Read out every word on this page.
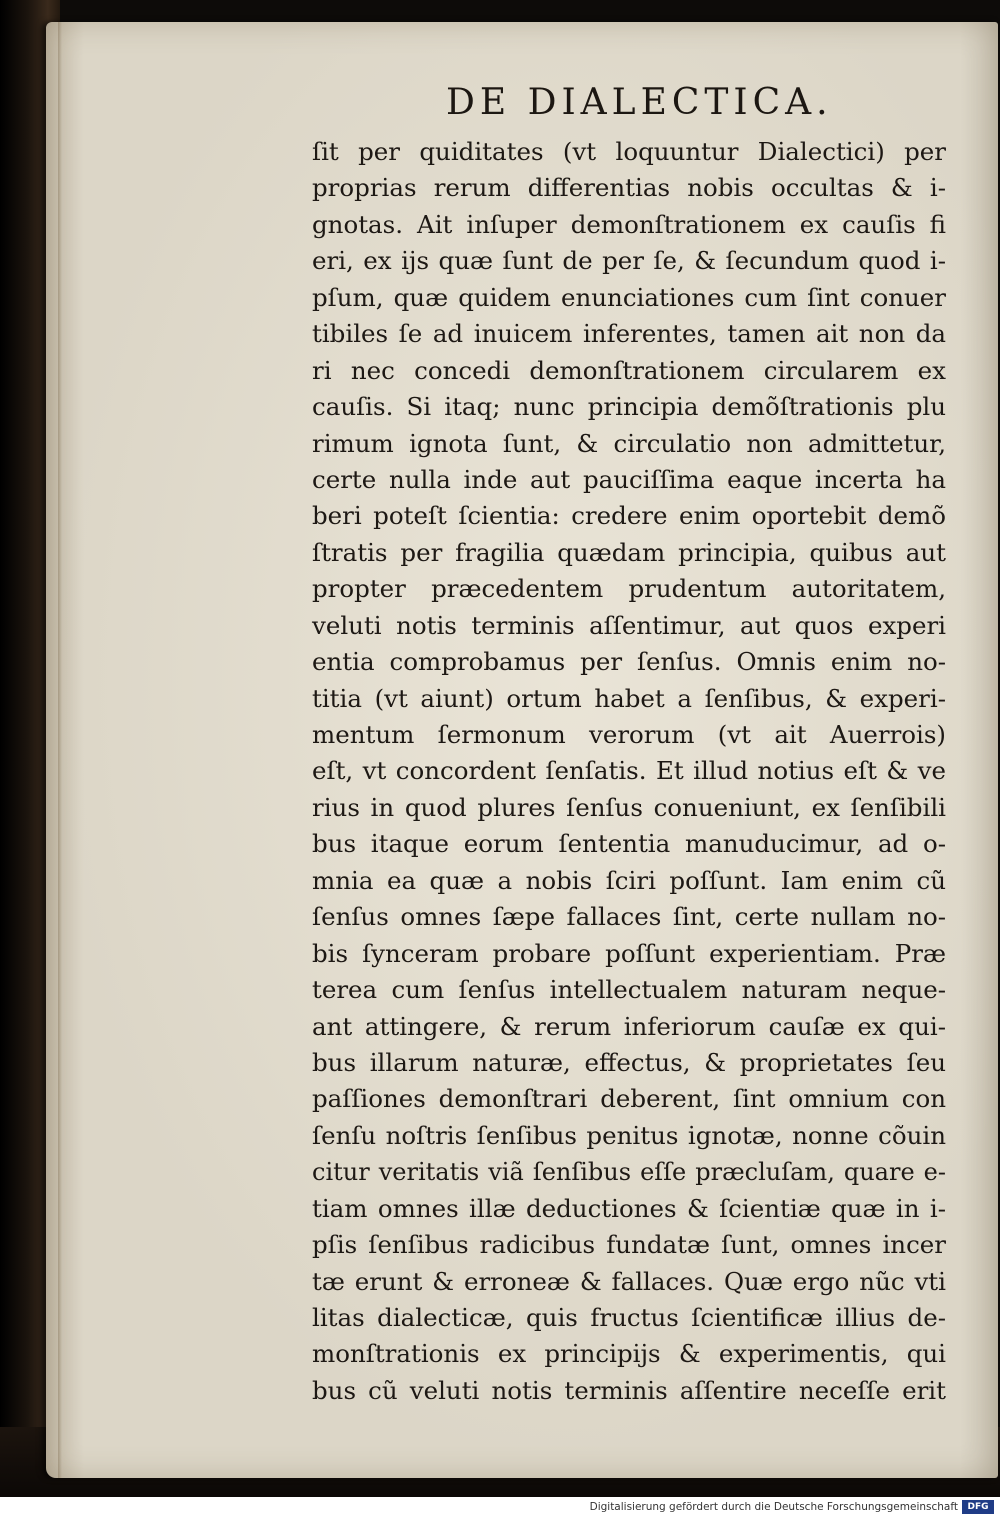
DE DIALECTICA.
ſit per quiditates (vt loquuntur Dialectici) per
proprias rerum differentias nobis occultas & i-
gnotas. Ait inſuper demonſtrationem ex cauſis fi
eri, ex ijs quæ ſunt de per ſe, & ſecundum quod i-
pſum, quæ quidem enunciationes cum ſint conuer
tibiles ſe ad inuicem inferentes, tamen ait non da
ri nec concedi demonſtrationem circularem ex
cauſis. Si itaq; nunc principia demõſtrationis plu
rimum ignota ſunt, & circulatio non admittetur,
certe nulla inde aut pauciſſima eaque incerta ha
beri poteſt ſcientia: credere enim oportebit demõ
ſtratis per fragilia quædam principia, quibus aut
propter præcedentem prudentum autoritatem,
veluti notis terminis aſſentimur, aut quos experi
entia comprobamus per ſenſus. Omnis enim no-
titia (vt aiunt) ortum habet a ſenſibus, & experi-
mentum ſermonum verorum (vt ait Auerrois)
eſt, vt concordent ſenſatis. Et illud notius eſt & ve
rius in quod plures ſenſus conueniunt, ex ſenſibili
bus itaque eorum ſententia manuducimur, ad o-
mnia ea quæ a nobis ſciri poſſunt. Iam enim cũ
ſenſus omnes ſæpe fallaces ſint, certe nullam no-
bis ſynceram probare poſſunt experientiam. Præ
terea cum ſenſus intellectualem naturam neque-
ant attingere, & rerum inferiorum cauſæ ex qui-
bus illarum naturæ, effectus, & proprietates ſeu
paſſiones demonſtrari deberent, ſint omnium con
ſenſu noſtris ſenſibus penitus ignotæ, nonne cõuin
citur veritatis viã ſenſibus eſſe præcluſam, quare e-
tiam omnes illæ deductiones & ſcientiæ quæ in i-
pſis ſenſibus radicibus fundatæ ſunt, omnes incer
tæ erunt & erroneæ & fallaces. Quæ ergo nũc vti
litas dialecticæ, quis fructus ſcientificæ illius de-
monſtrationis ex principijs & experimentis, qui
bus cũ veluti notis terminis aſſentire neceſſe erit
Digitalisierung gefördert durch die Deutsche Forschungsgemeinschaft	DFG
